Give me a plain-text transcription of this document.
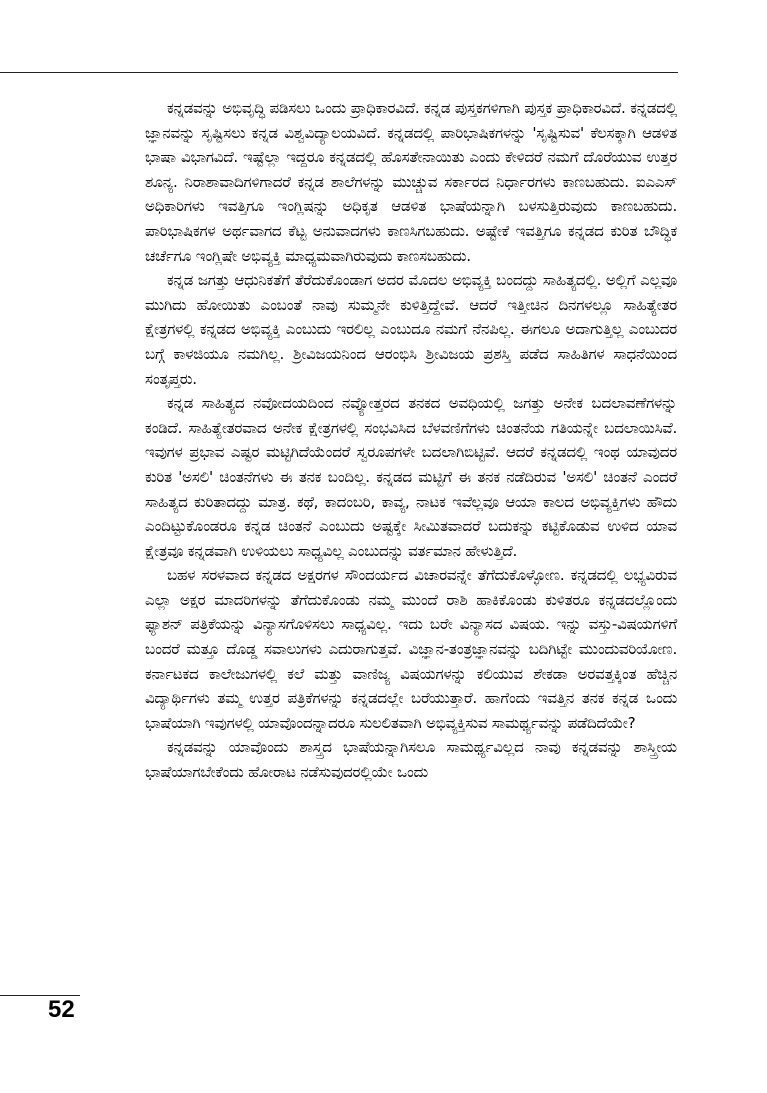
ಕನ್ನಡವನ್ನು ಅಭಿವೃದ್ಧಿ ಪಡಿಸಲು ಒಂದು ಪ್ರಾಧಿಕಾರವಿದೆ. ಕನ್ನಡ ಪುಸ್ತಕಗಳಿಗಾಗಿ ಪುಸ್ತಕ ಪ್ರಾಧಿಕಾರವಿದೆ. ಕನ್ನಡದಲ್ಲಿ ಜ್ಞಾನವನ್ನು ಸೃಷ್ಟಿಸಲು ಕನ್ನಡ ವಿಶ್ವವಿದ್ಯಾಲಯವಿದೆ. ಕನ್ನಡದಲ್ಲಿ ಪಾರಿಭಾಷಿಕಗಳನ್ನು 'ಸೃಷ್ಟಿಸುವ' ಕೆಲಸಕ್ಕಾಗಿ ಆಡಳಿತ ಭಾಷಾ ವಿಭಾಗವಿದೆ. ಇಷ್ಟೆಲ್ಲಾ ಇದ್ದರೂ ಕನ್ನಡದಲ್ಲಿ ಹೊಸತೇನಾಯಿತು ಎಂದು ಕೇಳಿದರೆ ನಮಗೆ ದೊರೆಯುವ ಉತ್ತರ ಶೂನ್ಯ. ನಿರಾಶಾವಾದಿಗಳಿಗಾದರೆ ಕನ್ನಡ ಶಾಲೆಗಳನ್ನು ಮುಚ್ಚುವ ಸರ್ಕಾರದ ನಿರ್ಧಾರಗಳು ಕಾಣಬಹುದು. ಐಎಎಸ್ ಅಧಿಕಾರಿಗಳು ಇವತ್ತಿಗೂ ಇಂಗ್ಲಿಷನ್ನು ಅಧಿಕೃತ ಆಡಳಿತ ಭಾಷೆಯನ್ನಾಗಿ ಬಳಸುತ್ತಿರುವುದು ಕಾಣಬಹುದು. ಪಾರಿಭಾಷಿಕಗಳ ಅರ್ಥವಾಗದ ಕೆಟ್ಟ ಅನುವಾದಗಳು ಕಾಣಸಿಗಬಹುದು. ಅಷ್ಟೇಕೆ ಇವತ್ತಿಗೂ ಕನ್ನಡದ ಕುರಿತ ಬೌದ್ಧಿಕ ಚರ್ಚೆಗೂ ಇಂಗ್ಲಿಷೇ ಅಭಿವ್ಯಕ್ತಿ ಮಾಧ್ಯಮವಾಗಿರುವುದು ಕಾಣಸಬಹುದು.

ಕನ್ನಡ ಜಗತ್ತು ಆಧುನಿಕತೆಗೆ ತೆರೆದುಕೊಂಡಾಗ ಅದರ ಮೊದಲ ಅಭಿವ್ಯಕ್ತಿ ಬಂದದ್ದು ಸಾಹಿತ್ಯದಲ್ಲಿ. ಅಲ್ಲಿಗೆ ಎಲ್ಲವೂ ಮುಗಿದು ಹೋಯಿತು ಎಂಬಂತೆ ನಾವು ಸುಮ್ಮನೇ ಕುಳಿತ್ತಿದ್ದೇವೆ. ಆದರೆ ಇತ್ತೀಚಿನ ದಿನಗಳಲ್ಲೂ ಸಾಹಿತ್ಯೇತರ ಕ್ಷೇತ್ರಗಳಲ್ಲಿ ಕನ್ನಡದ ಅಭಿವ್ಯಕ್ತಿ ಎಂಬುದು ಇರಲಿಲ್ಲ ಎಂಬುದೂ ನಮಗೆ ನೆನಪಿಲ್ಲ. ಈಗಲೂ ಅದಾಗುತ್ತಿಲ್ಲ ಎಂಬುದರ ಬಗ್ಗೆ ಕಾಳಜಿಯೂ ನಮಗಿಲ್ಲ. ಶ್ರೀವಿಜಯನಿಂದ ಆರಂಭಿಸಿ ಶ್ರೀವಿಜಯ ಪ್ರಶಸ್ತಿ ಪಡೆದ ಸಾಹಿತಿಗಳ ಸಾಧನೆಯಿಂದ ಸಂತೃಪ್ತರು.

ಕನ್ನಡ ಸಾಹಿತ್ಯದ ನವೋದಯದಿಂದ ನವ್ಯೋತ್ತರದ ತನಕದ ಅವಧಿಯಲ್ಲಿ ಜಗತ್ತು ಅನೇಕ ಬದಲಾವಣೆಗಳನ್ನು ಕಂಡಿದೆ. ಸಾಹಿತ್ಯೇತರವಾದ ಅನೇಕ ಕ್ಷೇತ್ರಗಳಲ್ಲಿ ಸಂಭವಿಸಿದ ಬೆಳವಣಿಗೆಗಳು ಚಿಂತನೆಯ ಗತಿಯನ್ನೇ ಬದಲಾಯಿಸಿವೆ. ಇವುಗಳ ಪ್ರಭಾವ ಎಷ್ಟರ ಮಟ್ಟಿಗಿದೆಯೆಂದರೆ ಸ್ವರೂಪಗಳೇ ಬದಲಾಗಿಬಿಟ್ಟಿವೆ. ಆದರೆ ಕನ್ನಡದಲ್ಲಿ ಇಂಥ ಯಾವುದರ ಕುರಿತ 'ಅಸಲಿ' ಚಿಂತನೆಗಳು ಈ ತನಕ ಬಂದಿಲ್ಲ. ಕನ್ನಡದ ಮಟ್ಟಿಗೆ ಈ ತನಕ ನಡೆದಿರುವ 'ಅಸಲಿ' ಚಿಂತನೆ ಎಂದರೆ ಸಾಹಿತ್ಯದ ಕುರಿತಾದದ್ದು ಮಾತ್ರ. ಕಥೆ, ಕಾದಂಬರಿ, ಕಾವ್ಯ, ನಾಟಕ ಇವೆಲ್ಲವೂ ಆಯಾ ಕಾಲದ ಅಭಿವ್ಯಕ್ತಿಗಳು ಹೌದು ಎಂದಿಟ್ಟುಕೊಂಡರೂ ಕನ್ನಡ ಚಿಂತನೆ ಎಂಬುದು ಅಷ್ಟಕ್ಕೇ ಸೀಮಿತವಾದರೆ ಬದುಕನ್ನು ಕಟ್ಟಿಕೊಡುವ ಉಳಿದ ಯಾವ ಕ್ಷೇತ್ರವೂ ಕನ್ನಡವಾಗಿ ಉಳಿಯಲು ಸಾಧ್ಯವಿಲ್ಲ ಎಂಬುದನ್ನು ವರ್ತಮಾನ ಹೇಳುತ್ತಿದೆ.

ಬಹಳ ಸರಳವಾದ ಕನ್ನಡದ ಅಕ್ಷರಗಳ ಸೌಂದರ್ಯದ ವಿಚಾರವನ್ನೇ ತೆಗೆದುಕೊಳ್ಳೋಣ. ಕನ್ನಡದಲ್ಲಿ ಲಭ್ಯವಿರುವ ಎಲ್ಲಾ ಅಕ್ಷರ ಮಾದರಿಗಳನ್ನು ತೆಗೆದುಕೊಂಡು ನಮ್ಮ ಮುಂದೆ ರಾಶಿ ಹಾಕಿಕೊಂಡು ಕುಳಿತರೂ ಕನ್ನಡದಲ್ಲೊಂದು ಫ್ಯಾಶನ್ ಪತ್ರಿಕೆಯನ್ನು ವಿನ್ಯಾಸಗೊಳಿಸಲು ಸಾಧ್ಯವಿಲ್ಲ. ಇದು ಬರೇ ವಿನ್ಯಾಸದ ವಿಷಯ. ಇನ್ನು ವಸ್ತು-ವಿಷಯಗಳಿಗೆ ಬಂದರೆ ಮತ್ತೂ ದೊಡ್ಡ ಸವಾಲುಗಳು ಎದುರಾಗುತ್ತವೆ. ವಿಜ್ಞಾನ-ತಂತ್ರಜ್ಞಾನವನ್ನು ಬದಿಗಿಟ್ಟೇ ಮುಂದುವರಿಯೋಣ. ಕರ್ನಾಟಕದ ಕಾಲೇಜುಗಳಲ್ಲಿ ಕಲೆ ಮತ್ತು ವಾಣಿಜ್ಯ ವಿಷಯಗಳನ್ನು ಕಲಿಯುವ ಶೇಕಡಾ ಅರವತ್ತಕ್ಕಿಂತ ಹೆಚ್ಚಿನ ವಿದ್ಯಾರ್ಥಿಗಳು ತಮ್ಮ ಉತ್ತರ ಪತ್ರಿಕೆಗಳನ್ನು ಕನ್ನಡದಲ್ಲೇ ಬರೆಯುತ್ತಾರೆ. ಹಾಗೆಂದು ಇವತ್ತಿನ ತನಕ ಕನ್ನಡ ಒಂದು ಭಾಷೆಯಾಗಿ ಇವುಗಳಲ್ಲಿ ಯಾವೊಂದನ್ನಾದರೂ ಸುಲಲಿತವಾಗಿ ಅಭಿವ್ಯಕ್ತಿಸುವ ಸಾಮರ್ಥ್ಯವನ್ನು ಪಡೆದಿದೆಯೇ?

ಕನ್ನಡವನ್ನು ಯಾವೊಂದು ಶಾಸ್ತ್ರದ ಭಾಷೆಯನ್ನಾಗಿಸಲೂ ಸಾಮರ್ಥ್ಯವಿಲ್ಲದ ನಾವು ಕನ್ನಡವನ್ನು ಶಾಸ್ತ್ರೀಯ ಭಾಷೆಯಾಗಬೇಕೆಂದು ಹೋರಾಟ ನಡೆಸುವುದರಲ್ಲಿಯೇ ಒಂದು

52
